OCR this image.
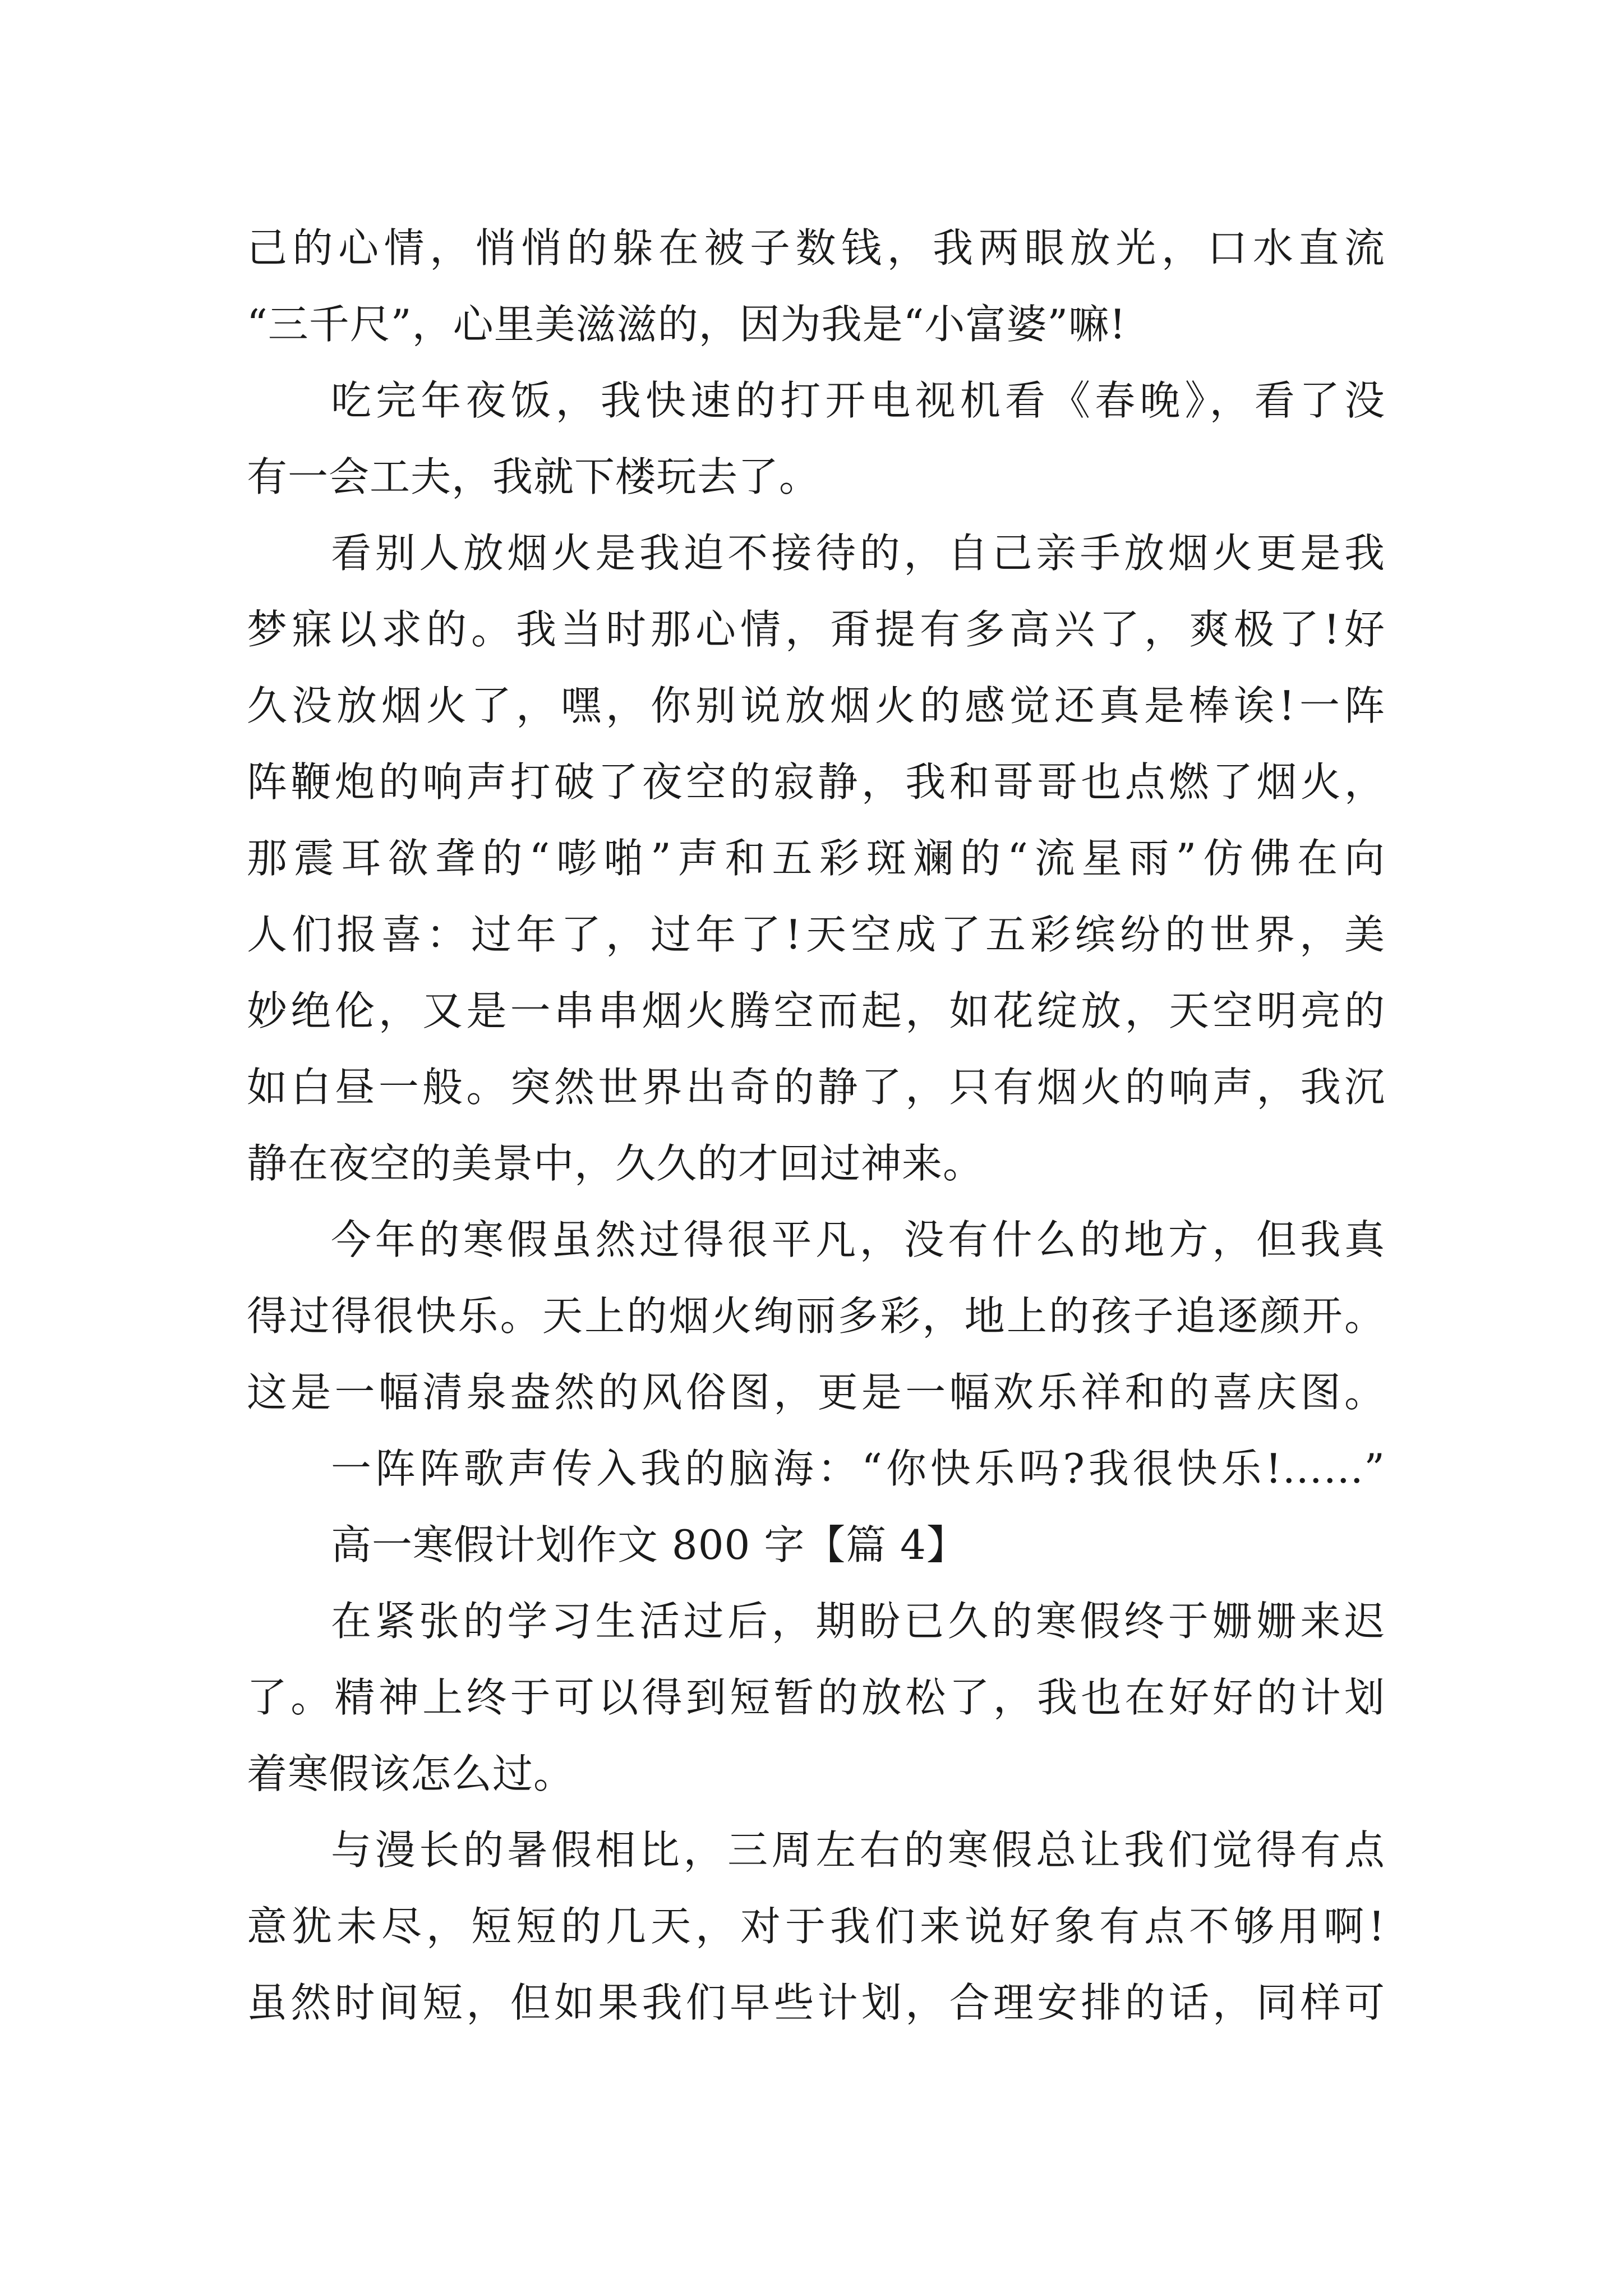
己的心情，悄悄的躲在被子数钱，我两眼放光，口水直流
“三千尺”，心里美滋滋的，因为我是“小富婆”嘛!
吃完年夜饭，我快速的打开电视机看《春晚》，看了没
有一会工夫，我就下楼玩去了。
看别人放烟火是我迫不接待的，自己亲手放烟火更是我
梦寐以求的。我当时那心情，甭提有多高兴了，爽极了!好
久没放烟火了，嘿，你别说放烟火的感觉还真是棒诶!一阵
阵鞭炮的响声打破了夜空的寂静，我和哥哥也点燃了烟火，
那震耳欲聋的“嘭啪”声和五彩斑斓的“流星雨”仿佛在向
人们报喜：过年了，过年了!天空成了五彩缤纷的世界，美
妙绝伦，又是一串串烟火腾空而起，如花绽放，天空明亮的
如白昼一般。突然世界出奇的静了，只有烟火的响声，我沉
静在夜空的美景中，久久的才回过神来。
今年的寒假虽然过得很平凡，没有什么的地方，但我真
得过得很快乐。天上的烟火绚丽多彩，地上的孩子追逐颜开。
这是一幅清泉盎然的风俗图，更是一幅欢乐祥和的喜庆图。
一阵阵歌声传入我的脑海：“你快乐吗?我很快乐!……”
高一寒假计划作文 800 字【篇 4】
在紧张的学习生活过后，期盼已久的寒假终于姗姗来迟
了。精神上终于可以得到短暂的放松了，我也在好好的计划
着寒假该怎么过。
与漫长的暑假相比，三周左右的寒假总让我们觉得有点
意犹未尽，短短的几天，对于我们来说好象有点不够用啊!
虽然时间短，但如果我们早些计划，合理安排的话，同样可
